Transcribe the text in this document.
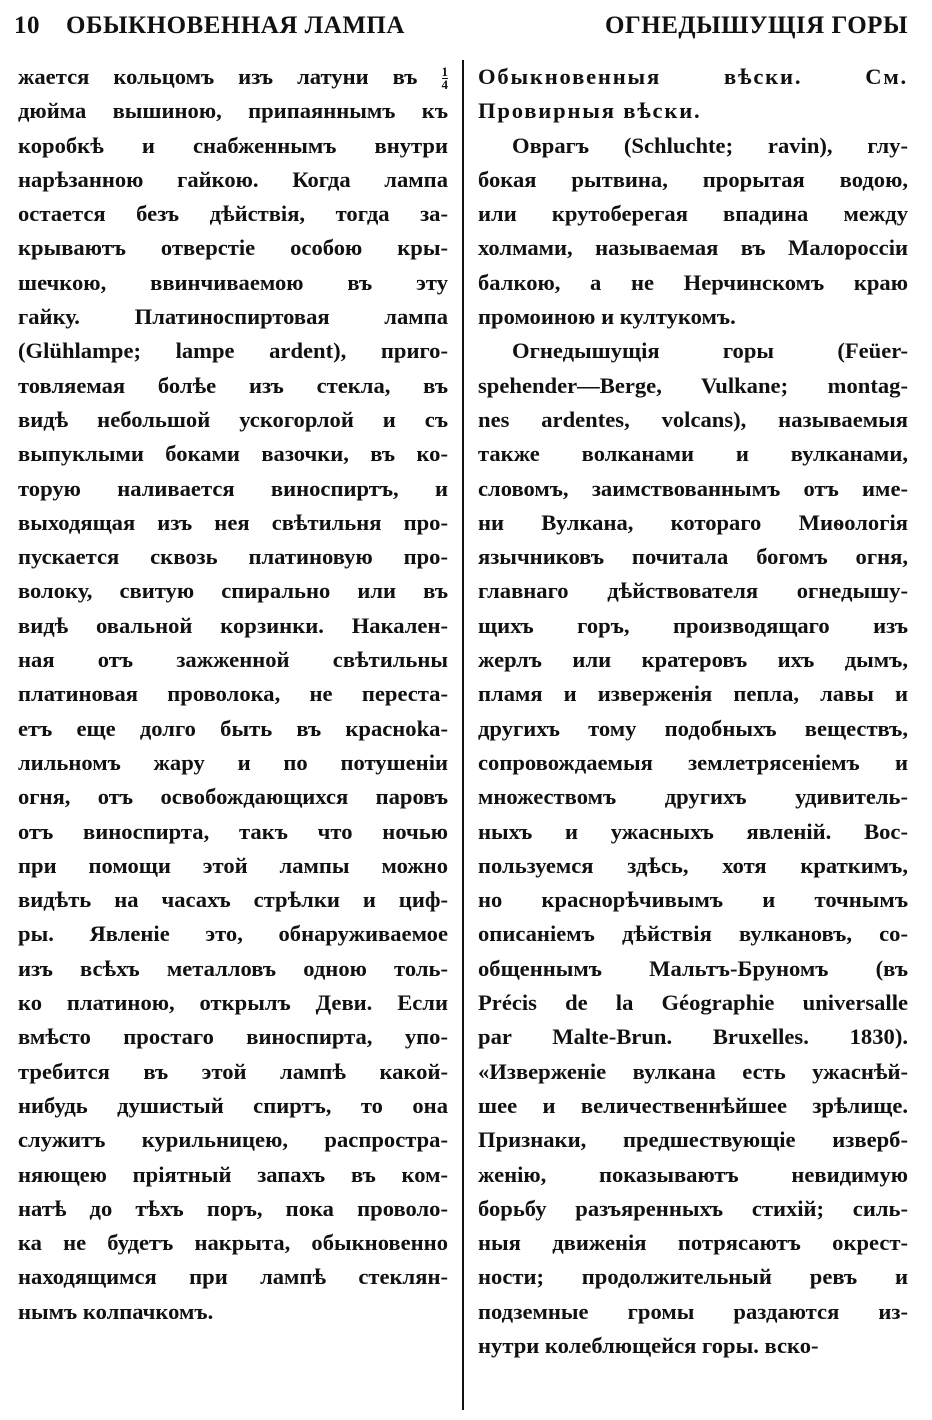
10 ОБЫКНОВЕННАЯ ЛАМПА	ОГНЕДЫШУЩІЯ ГОРЫ
жается кольцомъ изъ латуни въ $\frac{1}{4}$
дюйма вышиною, припаяннымъ къ
коробкѣ и снабженнымъ внутри
нарѣзанною гайкою. Когда лампа
остается безъ дѣйствія, тогда за-
крываютъ отверстіе особою кры-
шечкою, ввинчиваемою въ эту
гайку. Платиноспиртовая лампа
(Glühlampe; lampe ardent), приго-
товляемая болѣе изъ стекла, въ
видѣ небольшой ускогорлой и съ
выпуклыми боками вазочки, въ ко-
торую наливается виноспиртъ, и
выходящая изъ нея свѣтильня про-
пускается сквозь платиновую про-
волоку, свитую спирально или въ
видѣ овальной корзинки. Накален-
ная отъ зажженной свѣтильны
платиновая проволока, не переста-
етъ еще долго быть въ красноka-
лильномъ жару и по потушеніи
огня, отъ освобождающихся паровъ
отъ виноспирта, такъ что ночью
при помощи этой лампы можно
видѣть на часахъ стрѣлки и циф-
ры. Явленіе это, обнаруживаемое
изъ всѣхъ металловъ одною толь-
ко платиною, открылъ Деви. Если
вмѣсто простаго виноспирта, упо-
требится въ этой лампѣ какой-
нибудь душистый спиртъ, то она
служитъ курильницею, распростра-
няющею пріятный запахъ въ ком-
натѣ до тѣхъ поръ, пока проволо-
ка не будетъ накрыта, обыкновенно
находящимся при лампѣ стеклян-
нымъ колпачкомъ.
Обыкновенныя вѣски. См.
Провирныя вѣски.
Оврагъ (Schluchte; ravin), глу-
бокая рытвина, прорытая водою,
или крутоберегая впадина между
холмами, называемая въ Малороссіи
балкою, а не Нерчинскомъ краю
промоиною и култукомъ.
Огнедышущія горы (Feüer-
spehender—Berge, Vulkane; montag-
nes ardentes, volcans), называемыя
также волканами и вулканами,
словомъ, заимствованнымъ отъ име-
ни Вулкана, котораго Миѳологія
язычниковъ почитала богомъ огня,
главнаго дѣйствователя огнедышу-
щихъ горъ, производящаго изъ
жерлъ или кратеровъ ихъ дымъ,
пламя и изверженія пепла, лавы и
другихъ тому подобныхъ веществъ,
сопровождаемыя землетрясеніемъ и
множествомъ другихъ удивитель-
ныхъ и ужасныхъ явленій. Вос-
пользуемся здѣсь, хотя краткимъ,
но краснорѣчивымъ и точнымъ
описаніемъ дѣйствія вулкановъ, со-
общеннымъ Мальтъ-Бруномъ (въ
Précis de la Géographie universalle
par Malte-Brun. Bruxelles. 1830).
«Изверженіе вулкана есть ужаснѣй-
шее и величественнѣйшее зрѣлище.
Признаки, предшествующіе изверб-
женію, показываютъ невидимую
борьбу разъяренныхъ стихій; силь-
ныя движенія потрясаютъ окрест-
ности; продолжительный ревъ и
подземные громы раздаются из-
нутри колеблющейся горы. вско-
